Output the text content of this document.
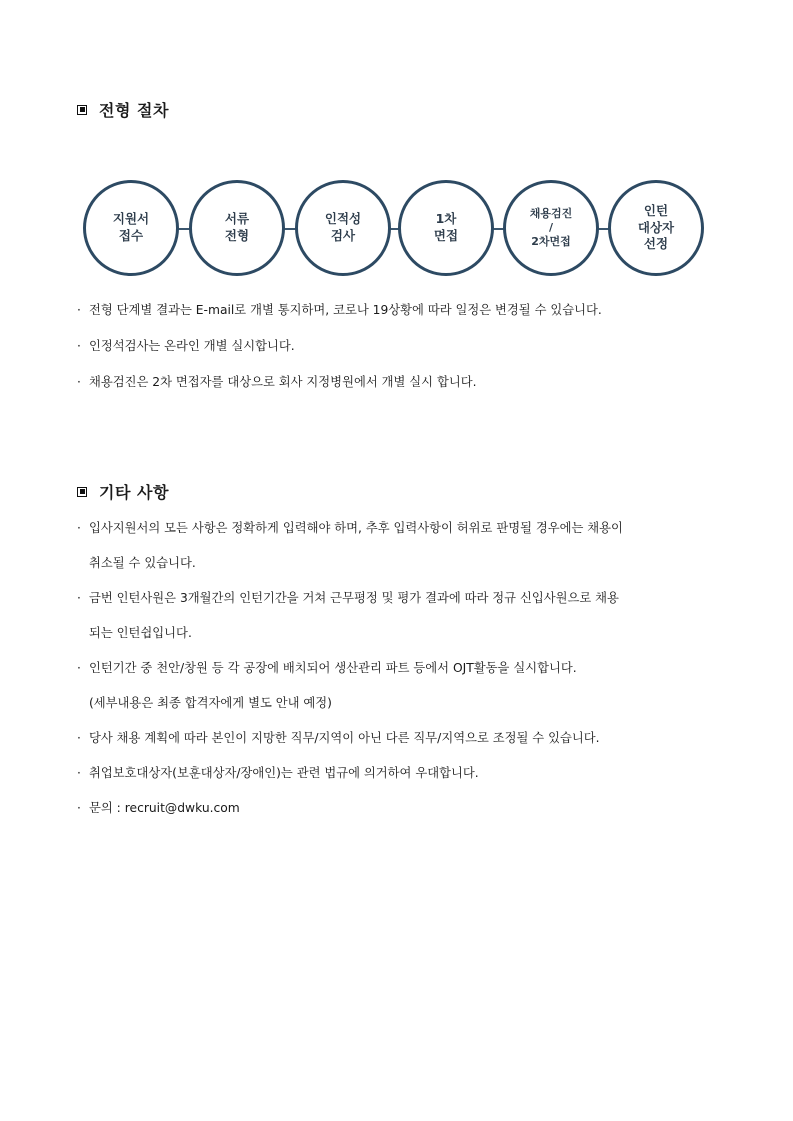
전형 절차
지원서
접수
서류
전형
인적성
검사
1차
면접
채용검진
/
2차면접
인턴
대상자
선정
· 전형 단계별 결과는 E-mail로 개별 통지하며, 코로나 19상황에 따라 일정은 변경될 수 있습니다.
· 인정석검사는 온라인 개별 실시합니다.
· 채용검진은 2차 면접자를 대상으로 회사 지정병원에서 개별 실시 합니다.
기타 사항
· 입사지원서의 모든 사항은 정확하게 입력해야 하며, 추후 입력사항이 허위로 판명될 경우에는 채용이
취소될 수 있습니다.
· 금번 인턴사원은 3개월간의 인턴기간을 거쳐 근무평정 및 평가 결과에 따라 정규 신입사원으로 채용
되는 인턴쉽입니다.
· 인턴기간 중 천안/창원 등 각 공장에 배치되어 생산관리 파트 등에서 OJT활동을 실시합니다.
(세부내용은 최종 합격자에게 별도 안내 예정)
· 당사 채용 계획에 따라 본인이 지망한 직무/지역이 아닌 다른 직무/지역으로 조정될 수 있습니다.
· 취업보호대상자(보훈대상자/장애인)는 관련 법규에 의거하여 우대합니다.
· 문의 : recruit@dwku.com
